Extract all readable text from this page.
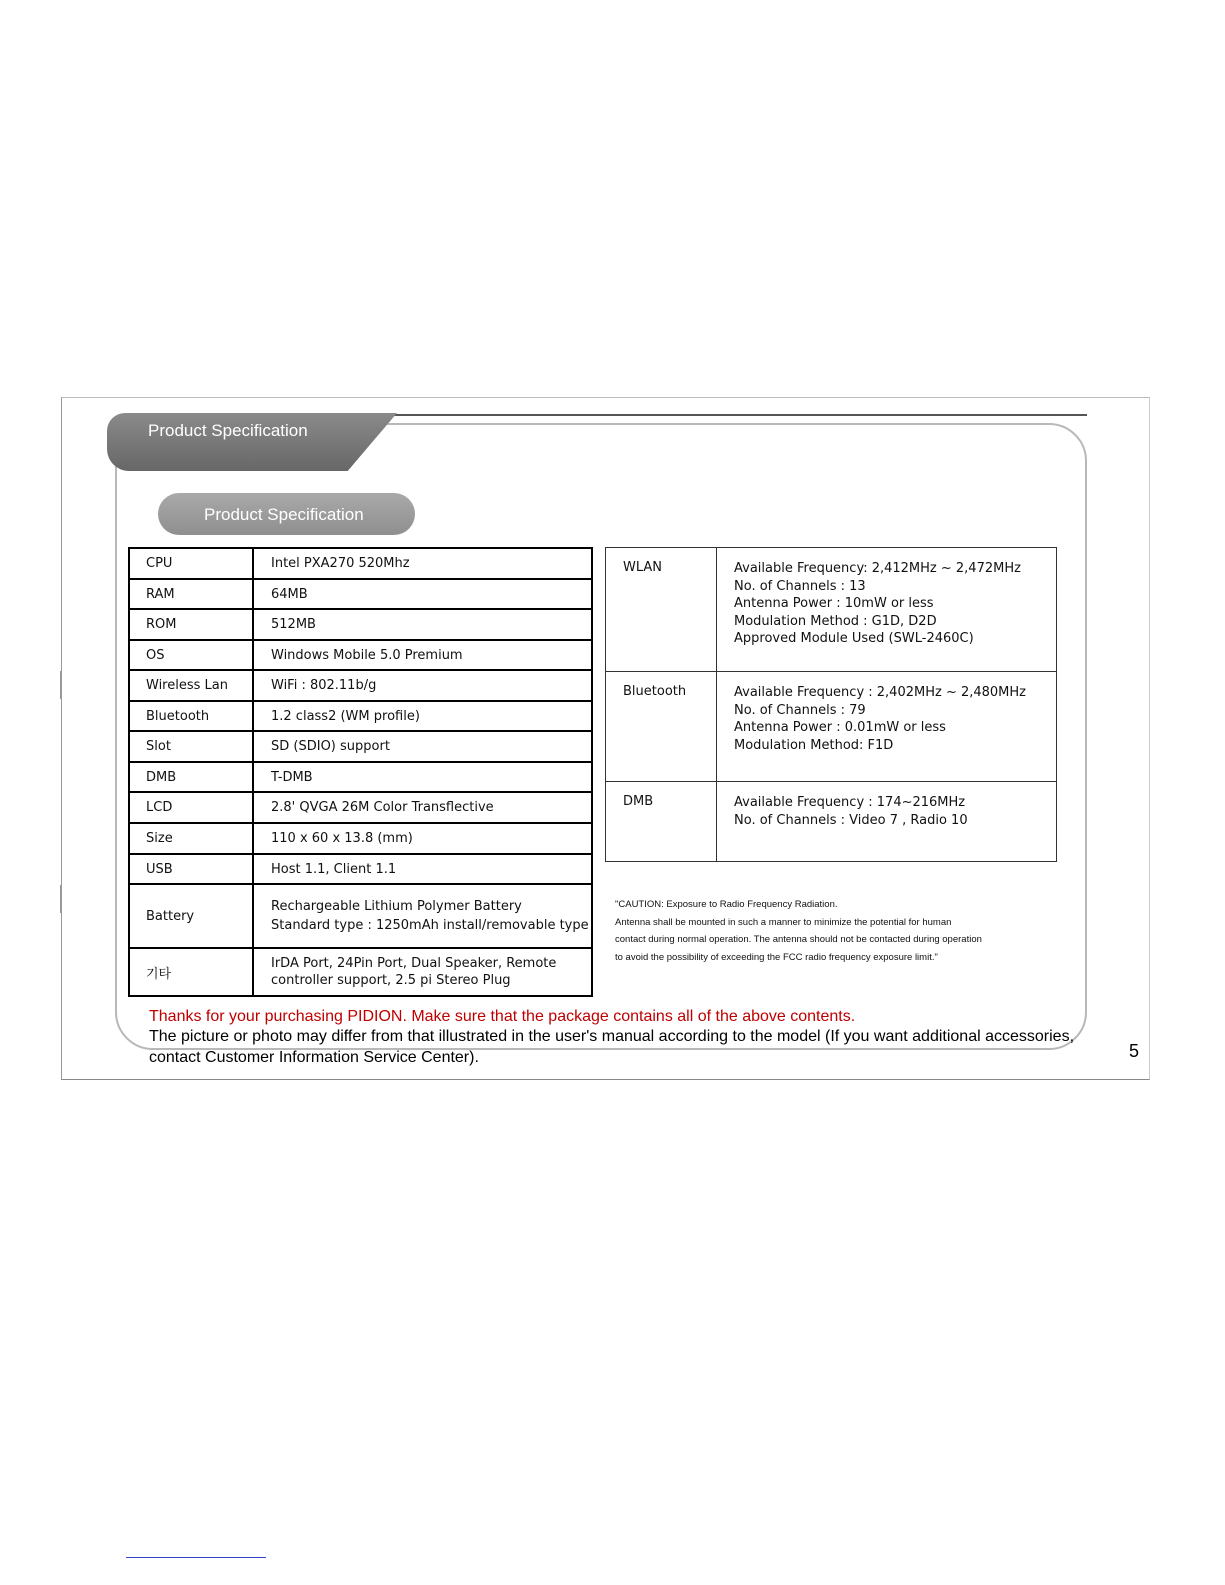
Product Specification
Product Specification
CPU	Intel PXA270 520Mhz
RAM	64MB
ROM	512MB
OS	Windows Mobile 5.0 Premium
Wireless Lan	WiFi : 802.11b/g
Bluetooth	1.2 class2 (WM profile)
Slot	SD (SDIO) support
DMB	T-DMB
LCD	2.8' QVGA 26M Color Transflective
Size	110 x 60 x 13.8 (mm)
USB	Host 1.1, Client 1.1
Battery	Rechargeable Lithium Polymer Battery
Standard type : 1250mAh install/removable type

기타	IrDA Port, 24Pin Port, Dual Speaker, Remote controller support, 2.5 pi Stereo Plug
WLAN	Available Frequency: 2,412MHz ~ 2,472MHz
No. of Channels : 13
Antenna Power : 10mW or less
Modulation Method : G1D, D2D
Approved Module Used (SWL-2460C)

Bluetooth	Available Frequency : 2,402MHz ~ 2,480MHz
No. of Channels : 79
Antenna Power : 0.01mW or less
Modulation Method: F1D

DMB	Available Frequency : 174~216MHz
No. of Channels : Video 7 , Radio 10
"CAUTION: Exposure to Radio Frequency Radiation.
Antenna shall be mounted in such a manner to minimize the potential for human
contact during normal operation. The antenna should not be contacted during operation
to avoid the possibility of exceeding the FCC radio frequency exposure limit."
Thanks for your purchasing PIDION. Make sure that the package contains all of the above contents.
The picture or photo may differ from that illustrated in the user's manual according to the model (If you want additional accessories, contact Customer Information Service Center).	5
